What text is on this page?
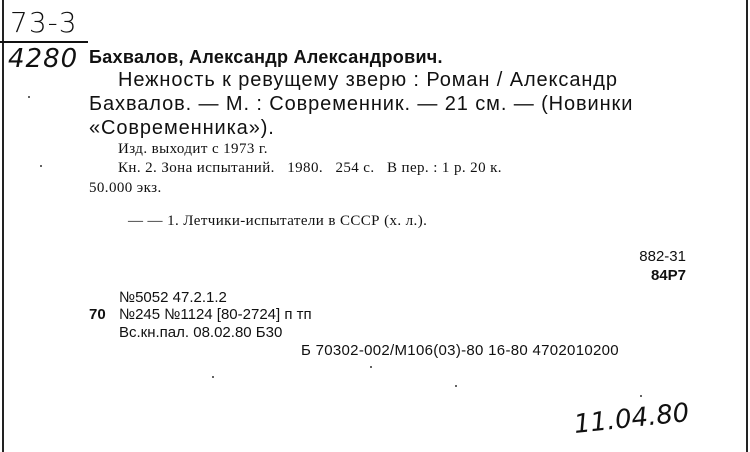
73-3
4280 Бахвалов, Александр Александрович.
Нежность к ревущему зверю : Роман / Александр
Бахвалов. — М. : Современник. — 21 см. — (Новинки
«Современника»).
Изд. выходит с 1973 г.
Кн. 2. Зона испытаний.   1980.   254 с.   В пер. : 1 р. 20 к.
50.000 экз.
— — 1. Летчики-испытатели в СССР (х. л.).
882-31
84Р7
№5052 47.2.1.2
70 №245 №1124 [80-2724] п тп
Вс.кн.пал. 08.02.80 Б30
Б 70302-002/М106(03)-80 16-80 4702010200
11.04.80
